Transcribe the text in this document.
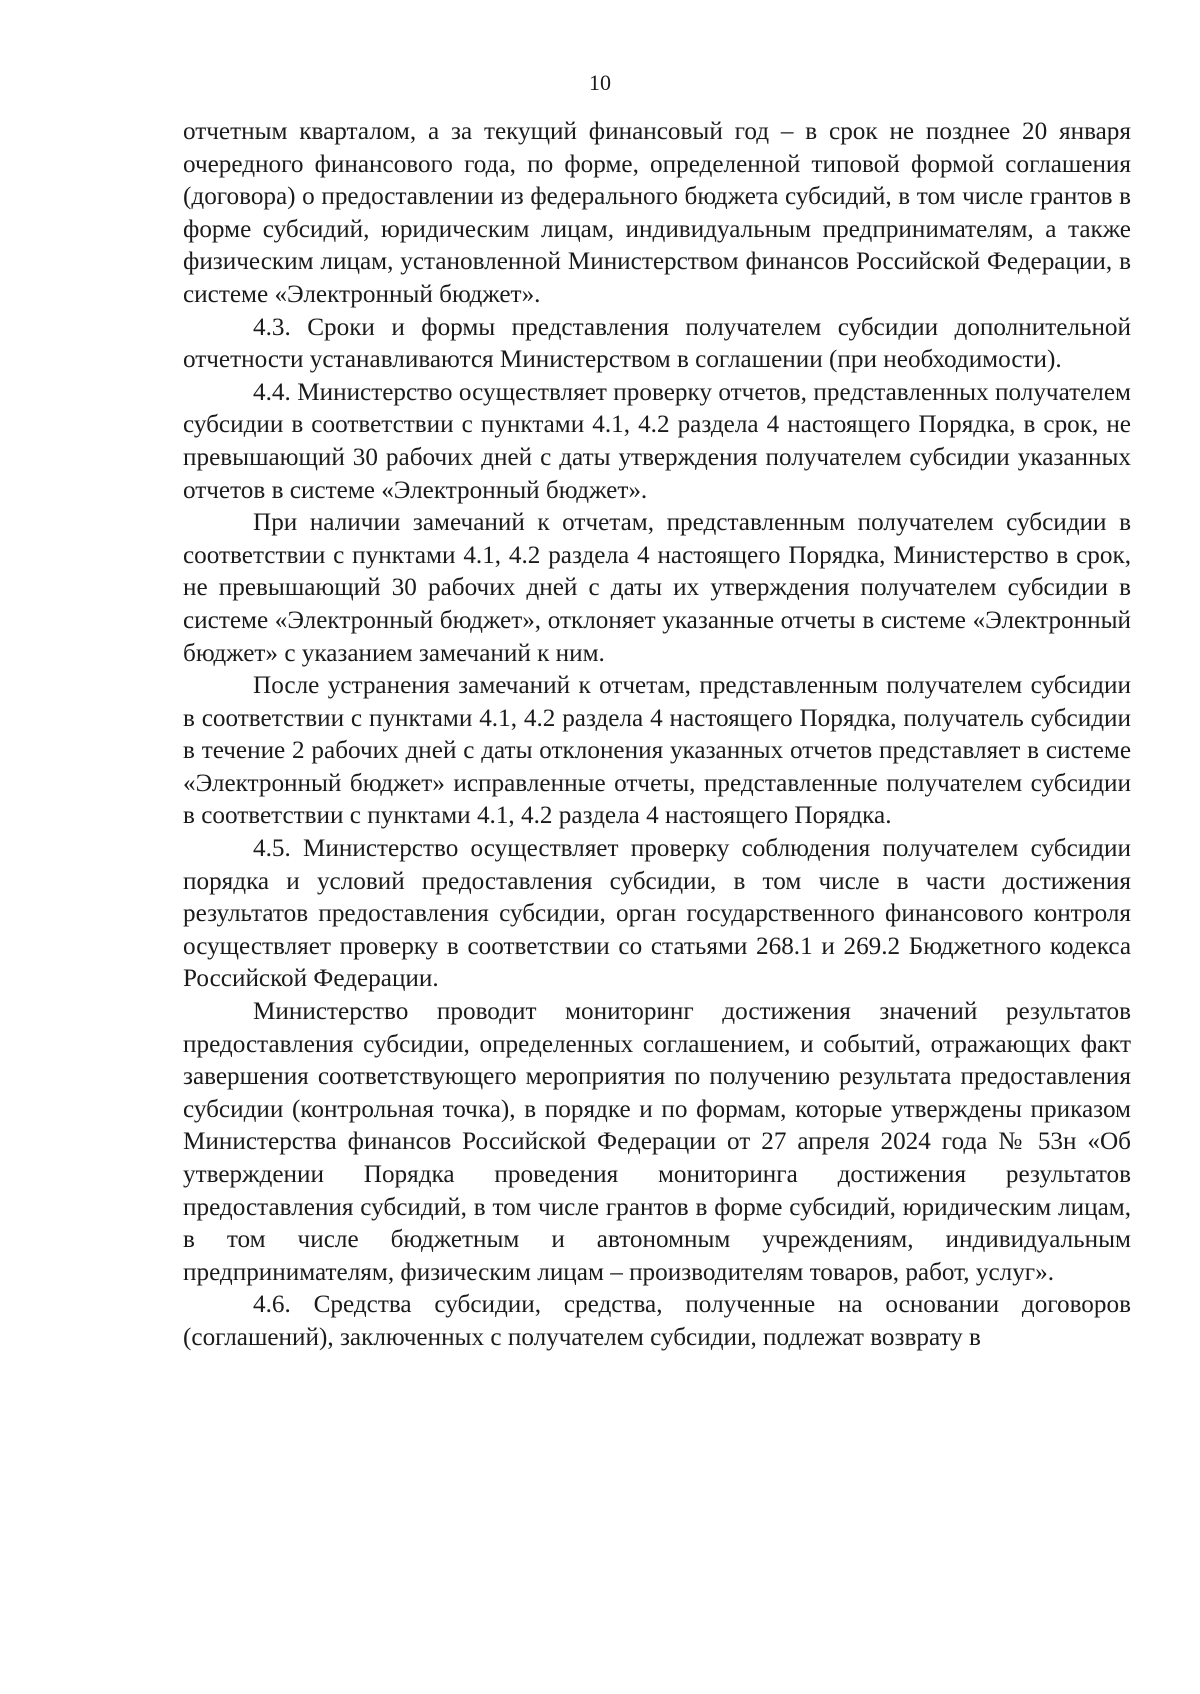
10

отчетным кварталом, а за текущий финансовый год – в срок не позднее 20 января очередного финансового года, по форме, определенной типовой формой соглашения (договора) о предоставлении из федерального бюджета субсидий, в том числе грантов в форме субсидий, юридическим лицам, индивидуальным предпринимателям, а также физическим лицам, установленной Министерством финансов Российской Федерации, в системе «Электронный бюджет».

4.3. Сроки и формы представления получателем субсидии дополнительной отчетности устанавливаются Министерством в соглашении (при необходимости).

4.4. Министерство осуществляет проверку отчетов, представленных получателем субсидии в соответствии с пунктами 4.1, 4.2 раздела 4 настоящего Порядка, в срок, не превышающий 30 рабочих дней с даты утверждения получателем субсидии указанных отчетов в системе «Электронный бюджет».

При наличии замечаний к отчетам, представленным получателем субсидии в соответствии с пунктами 4.1, 4.2 раздела 4 настоящего Порядка, Министерство в срок, не превышающий 30 рабочих дней с даты их утверждения получателем субсидии в системе «Электронный бюджет», отклоняет указанные отчеты в системе «Электронный бюджет» с указанием замечаний к ним.

После устранения замечаний к отчетам, представленным получателем субсидии в соответствии с пунктами 4.1, 4.2 раздела 4 настоящего Порядка, получатель субсидии в течение 2 рабочих дней с даты отклонения указанных отчетов представляет в системе «Электронный бюджет» исправленные отчеты, представленные получателем субсидии в соответствии с пунктами 4.1, 4.2 раздела 4 настоящего Порядка.

4.5. Министерство осуществляет проверку соблюдения получателем субсидии порядка и условий предоставления субсидии, в том числе в части достижения результатов предоставления субсидии, орган государственного финансового контроля осуществляет проверку в соответствии со статьями 268.1 и 269.2 Бюджетного кодекса Российской Федерации.

Министерство проводит мониторинг достижения значений результатов предоставления субсидии, определенных соглашением, и событий, отражающих факт завершения соответствующего мероприятия по получению результата предоставления субсидии (контрольная точка), в порядке и по формам, которые утверждены приказом Министерства финансов Российской Федерации от 27 апреля 2024 года № 53н «Об утверждении Порядка проведения мониторинга достижения результатов предоставления субсидий, в том числе грантов в форме субсидий, юридическим лицам, в том числе бюджетным и автономным учреждениям, индивидуальным предпринимателям, физическим лицам – производителям товаров, работ, услуг».

4.6. Средства субсидии, средства, полученные на основании договоров (соглашений), заключенных с получателем субсидии, подлежат возврату в
